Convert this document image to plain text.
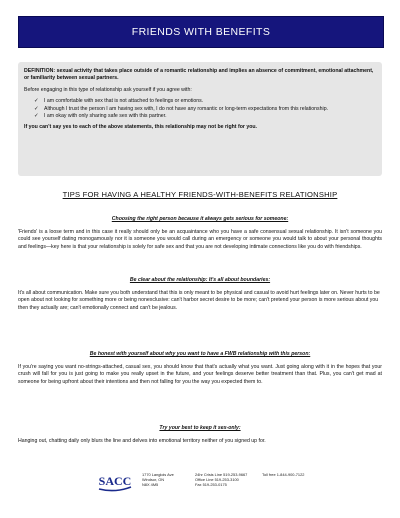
FRIENDS WITH BENEFITS

DEFINITION: sexual activity that takes place outside of a romantic relationship and implies an absence of commitment, emotional attachment, or familiarity between sexual partners.

Before engaging in this type of relationship ask yourself if you agree with:

✓ I am comfortable with sex that is not attached to feelings or emotions.
✓ Although I trust the person I am having sex with, I do not have any romantic or long-term expectations from this relationship.
✓ I am okay with only sharing safe sex with this partner.

If you can't say yes to each of the above statements, this relationship may not be right for you.

TIPS FOR HAVING A HEALTHY FRIENDS-WITH-BENEFITS RELATIONSHIP

Choosing the right person because it always gets serious for someone:

'Friends' is a loose term and in this case it really should only be an acquaintance who you have a safe consensual sexual relationship. It isn't someone you could see yourself dating monogamously nor it is someone you would call during an emergency or someone you would talk to about your personal thoughts and feelings—key here is that your relationship is solely for safe sex and that you are not developing intimate connections like you do with friendships.

Be clear about the relationship: It's all about boundaries:

It's all about communication. Make sure you both understand that this is only meant to be physical and casual to avoid hurt feelings later on. Never hurts to be open about not looking for something more or being nonexclusive: can't harbor secret desire to be more; can't pretend your person is more serious about you then they actually are; can't emotionally connect and can't be jealous.

Be honest with yourself about why you want to have a FWB relationship with this person:

If you're saying you want no-strings-attached, casual sex, you should know that that's actually what you want. Just going along with it in the hopes that your crush will fall for you is just going to make you really upset in the future, and your feelings deserve better treatment than that. Plus, you can't get mad at someone for being upfront about their intentions and then not falling for you the way you expected them to.

Try your best to keep it sex-only:

Hanging out, chatting daily only blurs the line and delves into emotional territory neither of you signed up for.

SACC	1770 Langlois Ave
Windsor, ON
N8X 4M5
24hr Crisis Line 519-253-9667
Office Line 519-253-3100
Fax 519-253-0175
Toll free 1-844-900-7122
